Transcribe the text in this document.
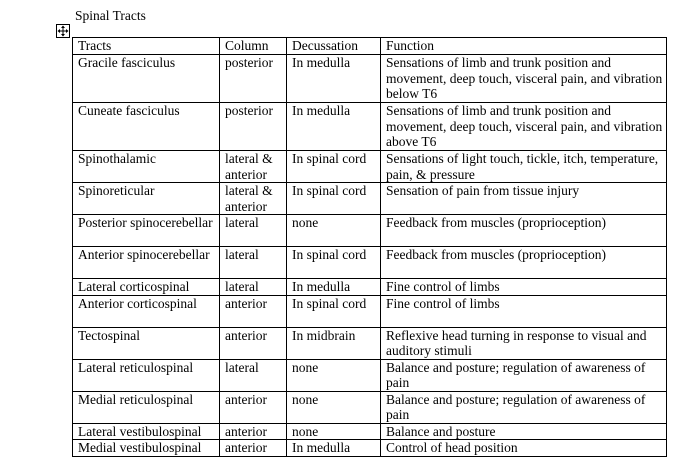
Spinal Tracts
Tracts	Column	Decussation	Function
Gracile fasciculus	posterior	In medulla	Sensations of limb and trunk position and movement, deep touch, visceral pain, and vibration below T6
Cuneate fasciculus	posterior	In medulla	Sensations of limb and trunk position and movement, deep touch, visceral pain, and vibration above T6
Spinothalamic	lateral & anterior	In spinal cord	Sensations of light touch, tickle, itch, temperature, pain, & pressure
Spinoreticular	lateral & anterior	In spinal cord	Sensation of pain from tissue injury
Posterior spinocerebellar	lateral	none	Feedback from muscles (proprioception)
Anterior spinocerebellar	lateral	In spinal cord	Feedback from muscles (proprioception)
Lateral corticospinal	lateral	In medulla	Fine control of limbs
Anterior corticospinal	anterior	In spinal cord	Fine control of limbs
Tectospinal	anterior	In midbrain	Reflexive head turning in response to visual and auditory stimuli
Lateral reticulospinal	lateral	none	Balance and posture; regulation of awareness of pain
Medial reticulospinal	anterior	none	Balance and posture; regulation of awareness of pain
Lateral vestibulospinal	anterior	none	Balance and posture
Medial vestibulospinal	anterior	In medulla	Control of head position
